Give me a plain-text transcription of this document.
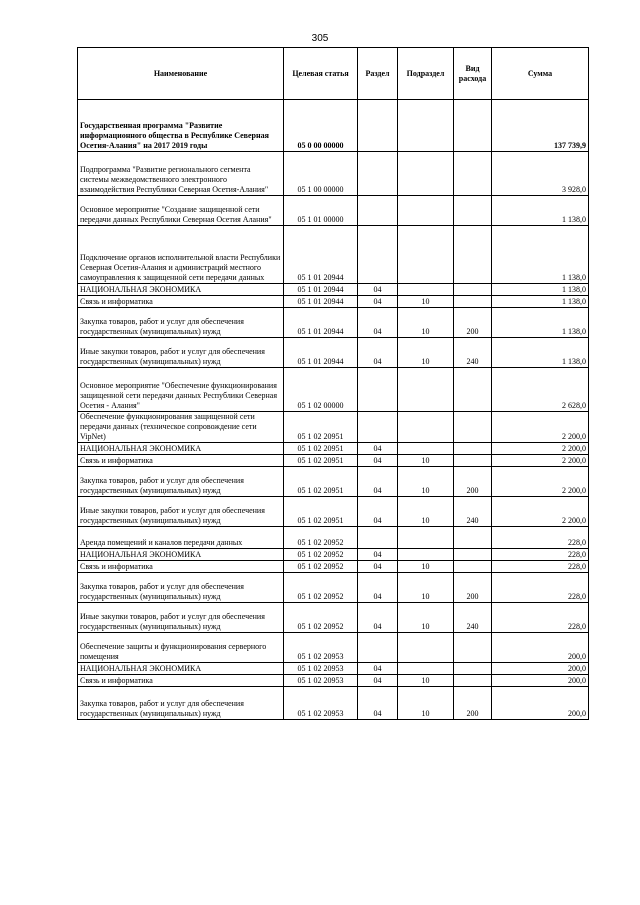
305
Наименование	Целевая статья	Раздел	Подраздел	Вид расхода	Сумма
Государственная программа "Развитие информационного общества в Республике Северная Осетия-Алания" на 2017 2019 годы	05 0 00 00000				137 739,9
Подпрограмма "Развитие регионального сегмента системы межведомственного электронного взаимодействия Республики Северная Осетия-Алания"	05 1 00 00000				3 928,0
Основное мероприятие "Создание защищенной сети передачи данных Республики Северная Осетия Алания"	05 1 01 00000				1 138,0
Подключение органов исполнительной власти Республики Северная Осетия-Алания и администраций местного самоуправления к защищенной сети передачи данных	05 1 01 20944				1 138,0
НАЦИОНАЛЬНАЯ ЭКОНОМИКА	05 1 01 20944	04			1 138,0
Связь и информатика	05 1 01 20944	04	10		1 138,0
Закупка товаров, работ и услуг для обеспечения государственных (муниципальных) нужд	05 1 01 20944	04	10	200	1 138,0
Иные закупки товаров, работ и услуг для обеспечения государственных (муниципальных) нужд	05 1 01 20944	04	10	240	1 138,0
Основное мероприятие "Обеспечение функционирования защищенной сети передачи данных Республики Северная Осетия - Алания"	05 1 02 00000				2 628,0
Обеспечение функционирования защищенной сети передачи данных (техническое сопровождение сети VipNet)	05 1 02 20951				2 200,0
НАЦИОНАЛЬНАЯ ЭКОНОМИКА	05 1 02 20951	04			2 200,0
Связь и информатика	05 1 02 20951	04	10		2 200,0
Закупка товаров, работ и услуг для обеспечения государственных (муниципальных) нужд	05 1 02 20951	04	10	200	2 200,0
Иные закупки товаров, работ и услуг для обеспечения государственных (муниципальных) нужд	05 1 02 20951	04	10	240	2 200,0
Аренда помещений и каналов передачи данных	05 1 02 20952				228,0
НАЦИОНАЛЬНАЯ ЭКОНОМИКА	05 1 02 20952	04			228,0
Связь и информатика	05 1 02 20952	04	10		228,0
Закупка товаров, работ и услуг для обеспечения государственных (муниципальных) нужд	05 1 02 20952	04	10	200	228,0
Иные закупки товаров, работ и услуг для обеспечения государственных (муниципальных) нужд	05 1 02 20952	04	10	240	228,0
Обеспечение защиты и функционирования серверного помещения	05 1 02 20953				200,0
НАЦИОНАЛЬНАЯ ЭКОНОМИКА	05 1 02 20953	04			200,0
Связь и информатика	05 1 02 20953	04	10		200,0
Закупка товаров, работ и услуг для обеспечения государственных (муниципальных) нужд	05 1 02 20953	04	10	200	200,0
